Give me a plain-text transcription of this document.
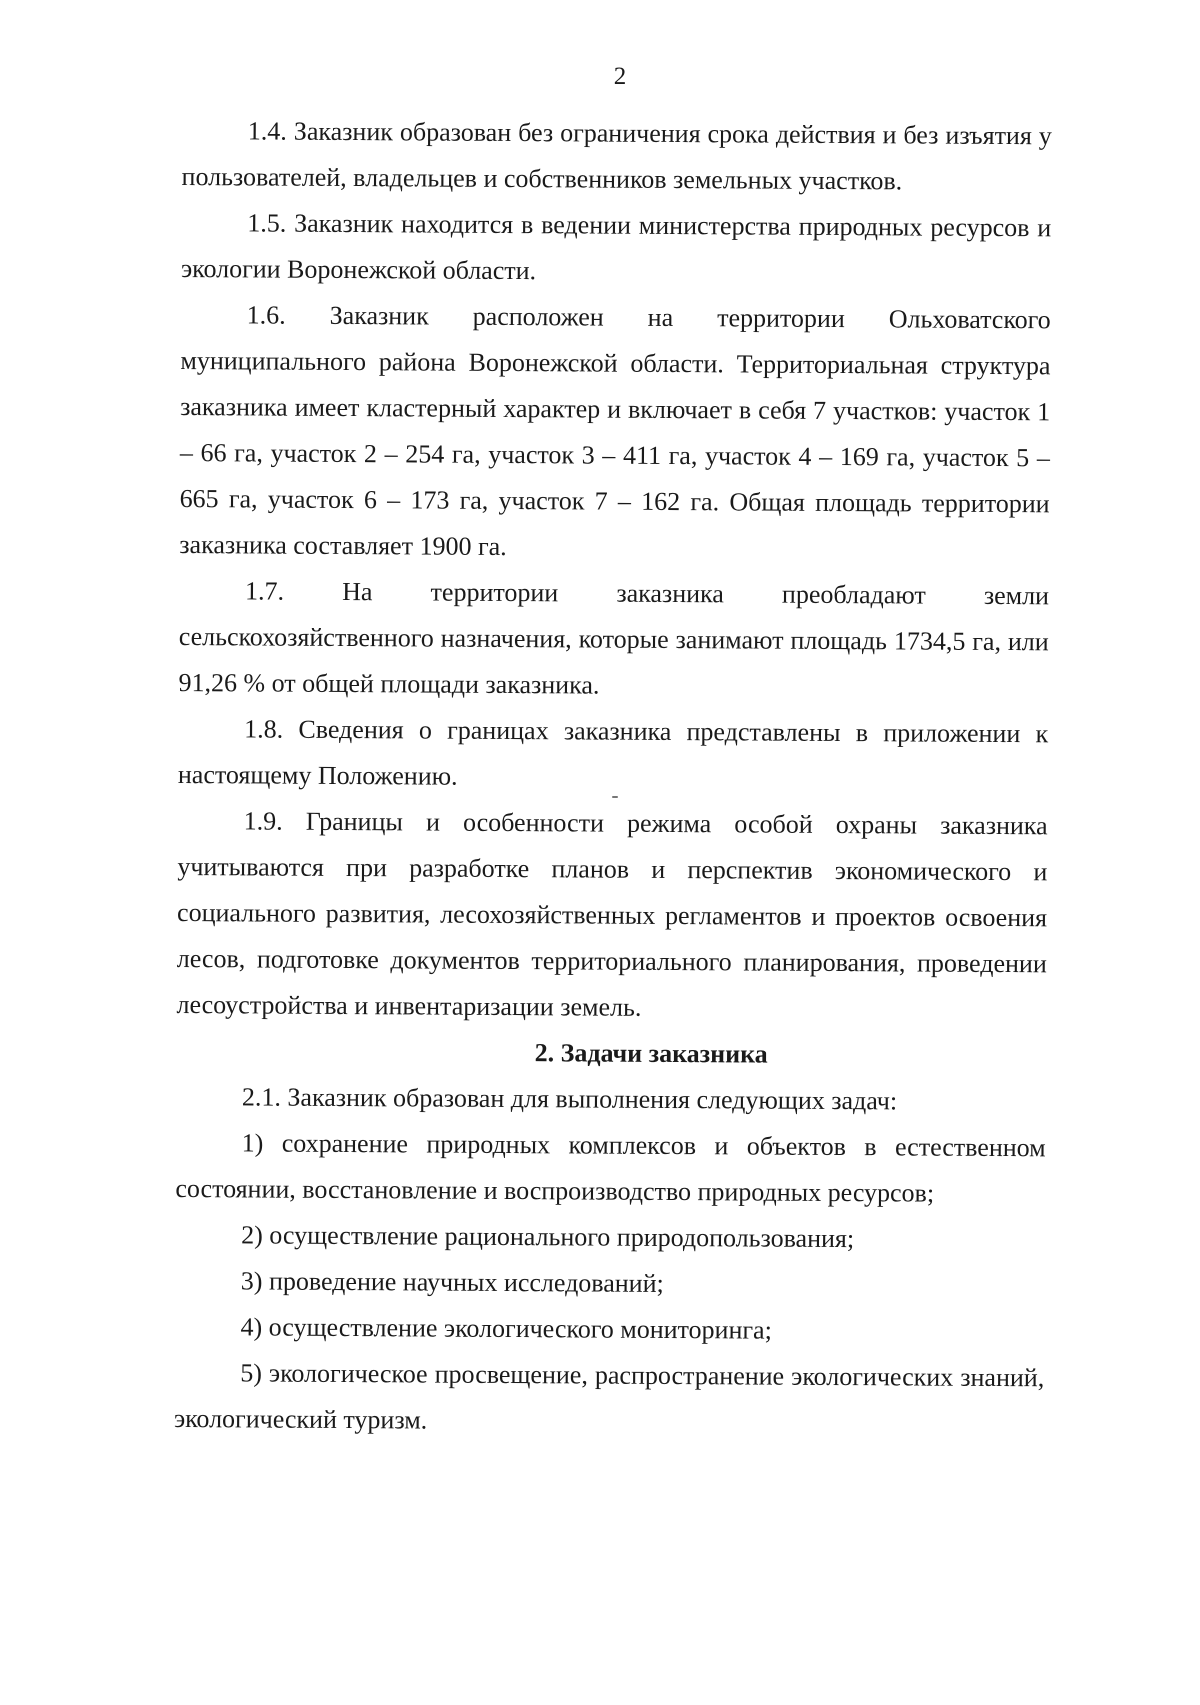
2

1.4. Заказник образован без ограничения срока действия и без изъятия у пользователей, владельцев и собственников земельных участков.

1.5. Заказник находится в ведении министерства природных ресурсов и экологии Воронежской области.

1.6. Заказник расположен на территории Ольховатского муниципального района Воронежской области. Территориальная структура заказника имеет кластерный характер и включает в себя 7 участков: участок 1 – 66 га, участок 2 – 254 га, участок 3 – 411 га, участок 4 – 169 га, участок 5 – 665 га, участок 6 – 173 га, участок 7 – 162 га. Общая площадь территории заказника составляет 1900 га.

1.7. На территории заказника преобладают земли сельскохозяйственного назначения, которые занимают площадь 1734,5 га, или 91,26 % от общей площади заказника.

1.8. Сведения о границах заказника представлены в приложении к настоящему Положению.

1.9. Границы и особенности режима особой охраны заказника учитываются при разработке планов и перспектив экономического и социального развития, лесохозяйственных регламентов и проектов освоения лесов, подготовке документов территориального планирования, проведении лесоустройства и инвентаризации земель.

2. Задачи заказника

2.1. Заказник образован для выполнения следующих задач:

1) сохранение природных комплексов и объектов в естественном состоянии, восстановление и воспроизводство природных ресурсов;

2) осуществление рационального природопользования;

3) проведение научных исследований;

4) осуществление экологического мониторинга;

5) экологическое просвещение, распространение экологических знаний, экологический туризм.
